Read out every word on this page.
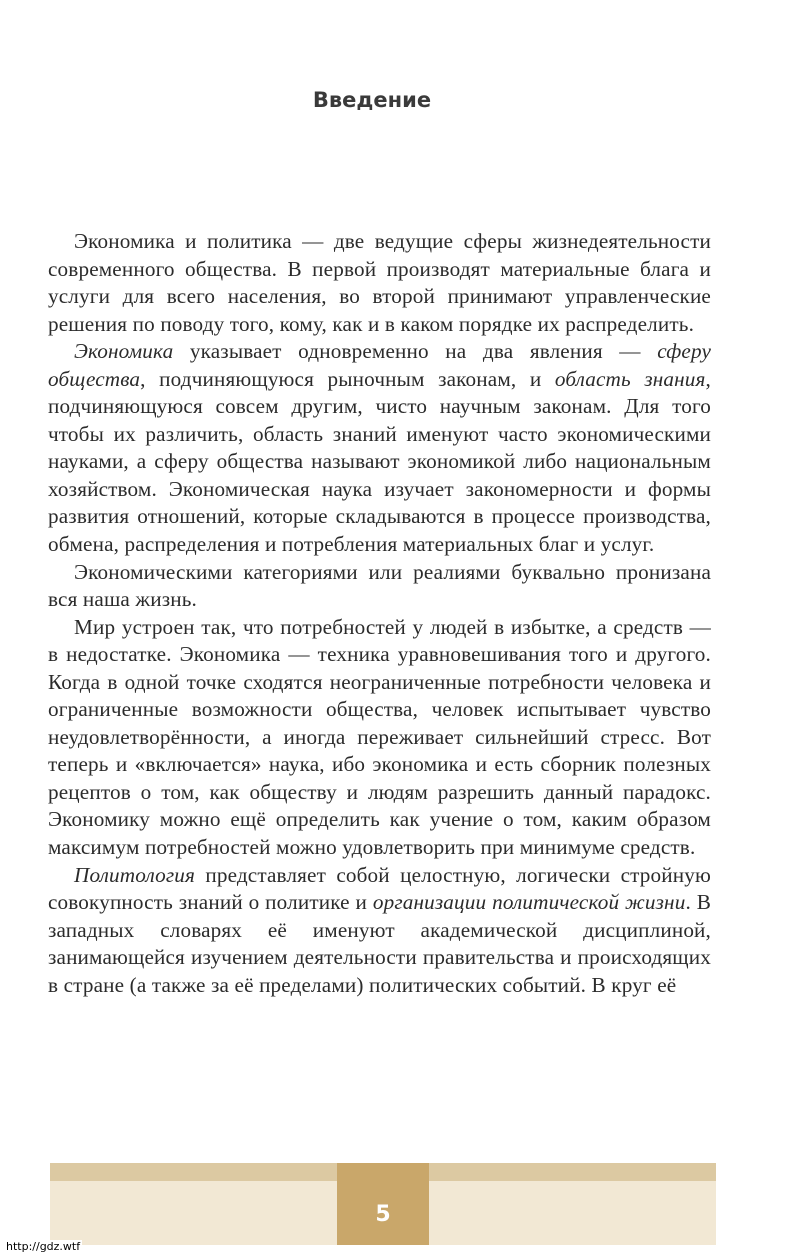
Введение

Экономика и политика — две ведущие сферы жизнедеятельности современного общества. В первой производят материальные блага и услуги для всего населения, во второй принимают управленческие решения по поводу того, кому, как и в каком порядке их распределить.

Экономика указывает одновременно на два явления — сферу общества, подчиняющуюся рыночным законам, и область знания, подчиняющуюся совсем другим, чисто научным законам. Для того чтобы их различить, область знаний именуют часто экономическими науками, а сферу общества называют экономикой либо национальным хозяйством. Экономическая наука изучает закономерности и формы развития отношений, которые складываются в процессе производства, обмена, распределения и потребления материальных благ и услуг.

Экономическими категориями или реалиями буквально пронизана вся наша жизнь.

Мир устроен так, что потребностей у людей в избытке, а средств — в недостатке. Экономика — техника уравновешивания того и другого. Когда в одной точке сходятся неограниченные потребности человека и ограниченные возможности общества, человек испытывает чувство неудовлетворённости, а иногда переживает сильнейший стресс. Вот теперь и «включается» наука, ибо экономика и есть сборник полезных рецептов о том, как обществу и людям разрешить данный парадокс. Экономику можно ещё определить как учение о том, каким образом максимум потребностей можно удовлетворить при минимуме средств.

Политология представляет собой целостную, логически стройную совокупность знаний о политике и организации политической жизни. В западных словарях её именуют академической дисциплиной, занимающейся изучением деятельности правительства и происходящих в стране (а также за её пределами) политических событий. В круг её

5
http://gdz.wtf
